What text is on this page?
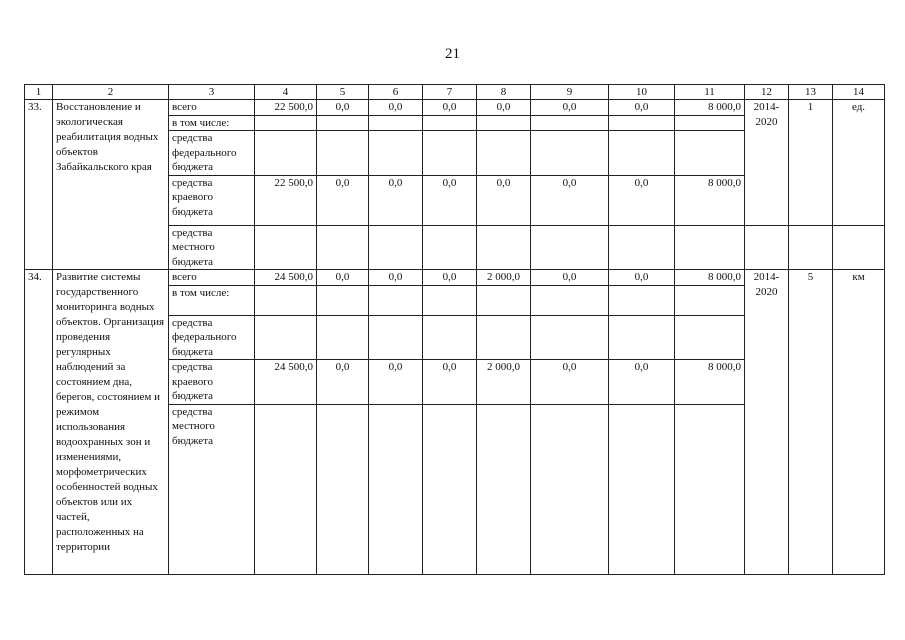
21
1	2	3	4	5	6	7	8	9	10	11	12	13	14
33.	Восстановление и экологическая реабилитация водных объектов Забайкальского края	всего	22 500,0	0,0	0,0	0,0	0,0	0,0	0,0	8 000,0	2014-2020	1	ед.
		в том числе:											
		средства федерального бюджета											
		средства краевого бюджета	22 500,0	0,0	0,0	0,0	0,0	0,0	0,0	8 000,0			
		средства местного бюджета											
34.	Развитие системы государственного мониторинга водных объектов. Организация проведения регулярных наблюдений за состоянием дна, берегов, состоянием и режимом использования водоохранных зон и изменениями, морфометрических особенностей водных объектов или их частей, расположенных на территории	всего	24 500,0	0,0	0,0	0,0	2 000,0	0,0	0,0	8 000,0	2014-2020	5	км
		в том числе:											
		средства федерального бюджета											
		средства краевого бюджета	24 500,0	0,0	0,0	0,0	2 000,0	0,0	0,0	8 000,0			
		средства местного бюджета											
